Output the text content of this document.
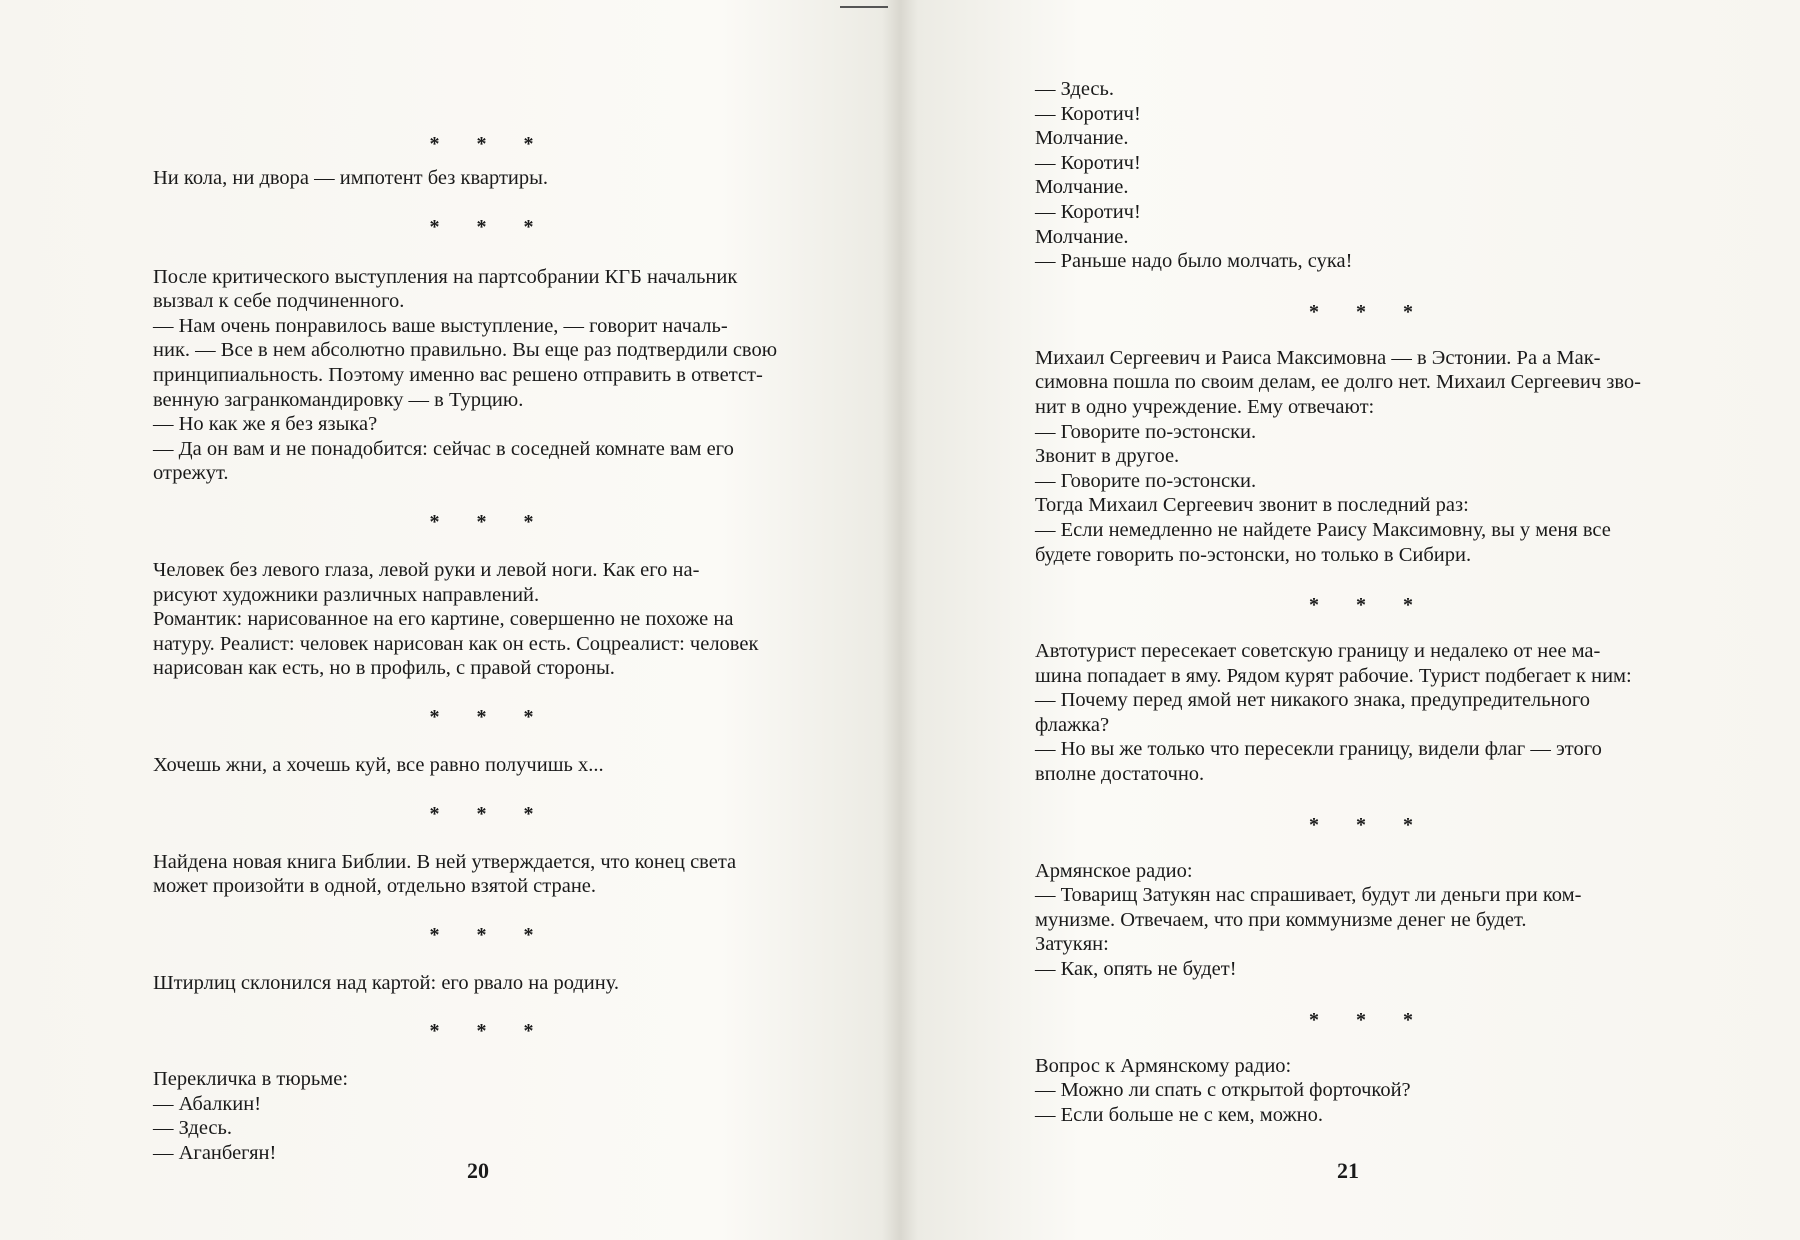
* * *
Ни кола, ни двора — импотент без квартиры.
* * *
После критического выступления на партсобрании КГБ начальник
вызвал к себе подчиненного.
— Нам очень понравилось ваше выступление, — говорит началь-
ник. — Все в нем абсолютно правильно. Вы еще раз подтвердили свою
принципиальность. Поэтому именно вас решено отправить в ответст-
венную загранкомандировку — в Турцию.
— Но как же я без языка?
— Да он вам и не понадобится: сейчас в соседней комнате вам его
отрежут.
* * *
Человек без левого глаза, левой руки и левой ноги. Как его на-
рисуют художники различных направлений.
Романтик: нарисованное на его картине, совершенно не похоже на
натуру. Реалист: человек нарисован как он есть. Соцреалист: человек
нарисован как есть, но в профиль, с правой стороны.
* * *
Хочешь жни, а хочешь куй, все равно получишь х...
* * *
Найдена новая книга Библии. В ней утверждается, что конец света
может произойти в одной, отдельно взятой стране.
* * *
Штирлиц склонился над картой: его рвало на родину.
* * *
Перекличка в тюрьме:
— Абалкин!
— Здесь.
— Аганбегян!
20
— Здесь.
— Коротич!
Молчание.
— Коротич!
Молчание.
— Коротич!
Молчание.
— Раньше надо было молчать, сука!
* * *
Михаил Сергеевич и Раиса Максимовна — в Эстонии. Ра а Мак-
симовна пошла по своим делам, ее долго нет. Михаил Сергеевич зво-
нит в одно учреждение. Ему отвечают:
— Говорите по-эстонски.
Звонит в другое.
— Говорите по-эстонски.
Тогда Михаил Сергеевич звонит в последний раз:
— Если немедленно не найдете Раису Максимовну, вы у меня все
будете говорить по-эстонски, но только в Сибири.
* * *
Автотурист пересекает советскую границу и недалеко от нее ма-
шина попадает в яму. Рядом курят рабочие. Турист подбегает к ним:
— Почему перед ямой нет никакого знака, предупредительного
флажка?
— Но вы же только что пересекли границу, видели флаг — этого
вполне достаточно.
* * *
Армянское радио:
— Товарищ Затукян нас спрашивает, будут ли деньги при ком-
мунизме. Отвечаем, что при коммунизме денег не будет.
Затукян:
— Как, опять не будет!
* * *
Вопрос к Армянскому радио:
— Можно ли спать с открытой форточкой?
— Если больше не с кем, можно.
21
